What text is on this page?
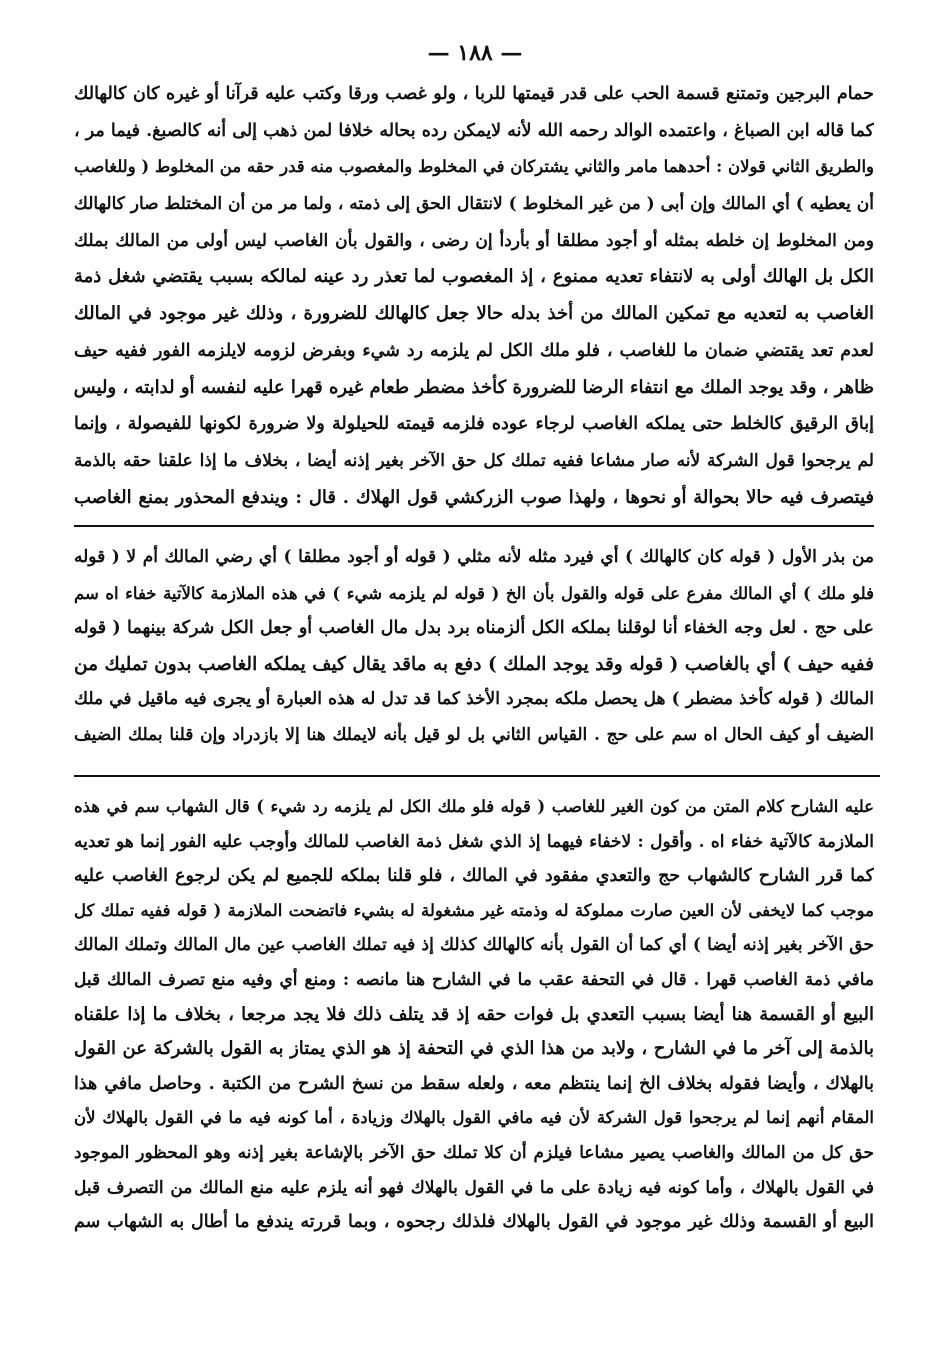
— ١٨٨ —
حمام البرجين وتمتنع قسمة الحب على قدر قيمتها للربا ، ولو غصب ورقا وكتب عليه قرآنا أو غيره كان كالهالك
كما قاله ابن الصباغ ، واعتمده الوالد رحمه الله لأنه لايمكن رده بحاله خلافا لمن ذهب إلى أنه كالصبغ. فيما مر ،
والطريق الثاني قولان : أحدهما مامر والثاني يشتركان في المخلوط والمغصوب منه قدر حقه من المخلوط ( وللغاصب
أن يعطيه ) أي المالك وإن أبى ( من غير المخلوط ) لانتقال الحق إلى ذمته ، ولما مر من أن المختلط صار كالهالك
ومن المخلوط إن خلطه بمثله أو أجود مطلقا أو بأردأ إن رضى ، والقول بأن الغاصب ليس أولى من المالك بملك
الكل بل الهالك أولى به لانتفاء تعديه ممنوع ، إذ المغصوب لما تعذر رد عينه لمالكه بسبب يقتضي شغل ذمة
الغاصب به لتعديه مع تمكين المالك من أخذ بدله حالا جعل كالهالك للضرورة ، وذلك غير موجود في المالك
لعدم تعد يقتضي ضمان ما للغاصب ، فلو ملك الكل لم يلزمه رد شيء وبفرض لزومه لايلزمه الفور ففيه حيف
ظاهر ، وقد يوجد الملك مع انتفاء الرضا للضرورة كأخذ مضطر طعام غيره قهرا عليه لنفسه أو لدابته ، وليس
إباق الرقيق كالخلط حتى يملكه الغاصب لرجاء عوده فلزمه قيمته للحيلولة ولا ضرورة لكونها للفيصولة ، وإنما
لم يرجحوا قول الشركة لأنه صار مشاعا ففيه تملك كل حق الآخر بغير إذنه أيضا ، بخلاف ما إذا علقنا حقه بالذمة
فيتصرف فيه حالا بحوالة أو نحوها ، ولهذا صوب الزركشي قول الهلاك . قال : ويندفع المحذور بمنع الغاصب
من بذر الأول ( قوله كان كالهالك ) أي فيرد مثله لأنه مثلي ( قوله أو أجود مطلقا ) أي رضي المالك أم لا ( قوله
فلو ملك ) أي المالك مفرع على قوله والقول بأن الخ ( قوله لم يلزمه شيء ) في هذه الملازمة كالآتية خفاء اه سم
على حج . لعل وجه الخفاء أنا لوقلنا بملكه الكل ألزمناه برد بدل مال الغاصب أو جعل الكل شركة بينهما ( قوله
ففيه حيف ) أي بالغاصب ( قوله وقد يوجد الملك ) دفع به ماقد يقال كيف يملكه الغاصب بدون تمليك من
المالك ( قوله كأخذ مضطر ) هل يحصل ملكه بمجرد الأخذ كما قد تدل له هذه العبارة أو يجرى فيه ماقيل في ملك
الضيف أو كيف الحال اه سم على حج . القياس الثاني بل لو قيل بأنه لايملك هنا إلا بازدراد وإن قلنا بملك الضيف
عليه الشارح كلام المتن من كون الغير للغاصب ( قوله فلو ملك الكل لم يلزمه رد شيء ) قال الشهاب سم في هذه
الملازمة كالآتية خفاء اه . وأقول : لاخفاء فيهما إذ الذي شغل ذمة الغاصب للمالك وأوجب عليه الفور إنما هو تعديه
كما قرر الشارح كالشهاب حج والتعدي مفقود في المالك ، فلو قلنا بملكه للجميع لم يكن لرجوع الغاصب عليه
موجب كما لايخفى لأن العين صارت مملوكة له وذمته غير مشغولة له بشيء فاتضحت الملازمة ( قوله ففيه تملك كل
حق الآخر بغير إذنه أيضا ) أي كما أن القول بأنه كالهالك كذلك إذ فيه تملك الغاصب عين مال المالك وتملك المالك
مافي ذمة الغاصب قهرا . قال في التحفة عقب ما في الشارح هنا مانصه : ومنع أي وفيه منع تصرف المالك قبل
البيع أو القسمة هنا أيضا بسبب التعدي بل فوات حقه إذ قد يتلف ذلك فلا يجد مرجعا ، بخلاف ما إذا علقناه
بالذمة إلى آخر ما في الشارح ، ولابد من هذا الذي في التحفة إذ هو الذي يمتاز به القول بالشركة عن القول
بالهلاك ، وأيضا فقوله بخلاف الخ إنما ينتظم معه ، ولعله سقط من نسخ الشرح من الكتبة . وحاصل مافي هذا
المقام أنهم إنما لم يرجحوا قول الشركة لأن فيه مافي القول بالهلاك وزيادة ، أما كونه فيه ما في القول بالهلاك لأن
حق كل من المالك والغاصب يصير مشاعا فيلزم أن كلا تملك حق الآخر بالإشاعة بغير إذنه وهو المحظور الموجود
في القول بالهلاك ، وأما كونه فيه زيادة على ما في القول بالهلاك فهو أنه يلزم عليه منع المالك من التصرف قبل
البيع أو القسمة وذلك غير موجود في القول بالهلاك فلذلك رجحوه ، وبما قررته يندفع ما أطال به الشهاب سم
